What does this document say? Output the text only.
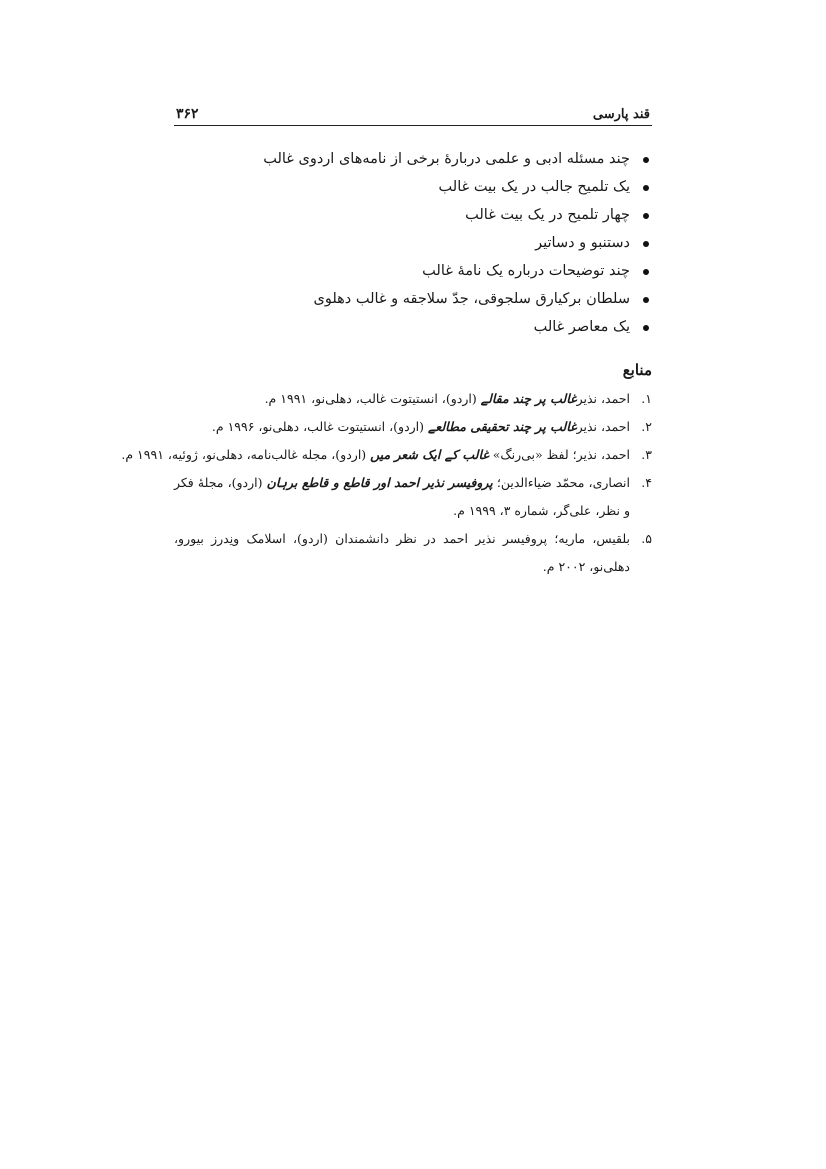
قند پارسی
۳۶۲
چند مسئله ادبی و علمی دربارهٔ برخی از نامه‌های اردوی غالب
یک تلمیح جالب در یک بیت غالب
چهار تلمیح در یک بیت غالب
دستنبو و دساتیر
چند توضیحات درباره یک نامهٔ غالب
سلطان برکیارق سلجوقی، جدّ سلاجقه و غالب دهلوی
یک معاصر غالب
منابع
۱.
احمد، نذیرغالب پر چند مقالے (اردو)، انستیتوت غالب، دهلی‌نو، ۱۹۹۱ م.
۲.
احمد، نذیرغالب پر چند تحقیقی مطالعے (اردو)، انستیتوت غالب، دهلی‌نو، ۱۹۹۶ م.
۳.
احمد، نذیر؛ لفظ «بی‌رنگ» غالب کے ایک شعر میں (اردو)، مجله غالب‌نامه، دهلی‌نو، ژوئیه، ۱۹۹۱ م.
۴.
انصاری، محمّد ضیاء‌الدین؛ پروفیسر نذیر احمد اور قاطع و قاطع برہان (اردو)، مجلهٔ فکر و نظر، علی‌گر، شماره ۳، ۱۹۹۹ م.
۵.
بلقیس، ماریه؛ پروفیسر نذیر احمد در نظر دانشمندان (اردو)، اسلامک ونِدرز بیورو، دهلی‌نو، ۲۰۰۲ م.
